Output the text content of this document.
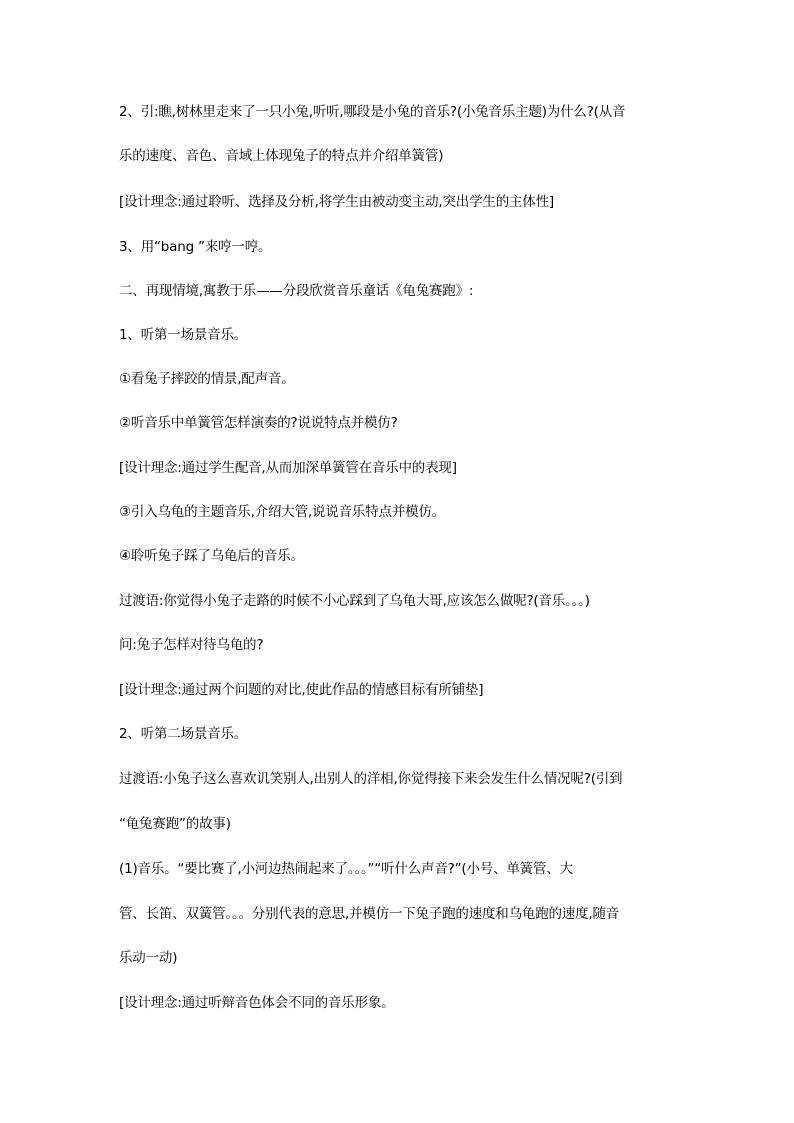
2、引:瞧,树林里走来了一只小兔,听听,哪段是小兔的音乐?(小兔音乐主题)为什么?(从音
乐的速度、音色、音域上体现兔子的特点并介绍单簧管)
[设计理念:通过聆听、选择及分析,将学生由被动变主动,突出学生的主体性]
3、用“bang ”来哼一哼。
二、再现情境,寓教于乐——分段欣赏音乐童话《龟兔赛跑》:
1、听第一场景音乐。
①看兔子摔跤的情景,配声音。
②听音乐中单簧管怎样演奏的?说说特点并模仿?
[设计理念:通过学生配音,从而加深单簧管在音乐中的表现]
③引入乌龟的主题音乐,介绍大管,说说音乐特点并模仿。
④聆听兔子踩了乌龟后的音乐。
过渡语:你觉得小兔子走路的时候不小心踩到了乌龟大哥,应该怎么做呢?(音乐。。。)
问:兔子怎样对待乌龟的?
[设计理念:通过两个问题的对比,使此作品的情感目标有所铺垫]
2、听第二场景音乐。
过渡语:小兔子这么喜欢讥笑别人,出别人的洋相,你觉得接下来会发生什么情况呢?(引到
“龟兔赛跑”的故事)
(1)音乐。“要比赛了,小河边热闹起来了。。。”“听什么声音?”(小号、单簧管、大
管、长笛、双簧管。。。分别代表的意思,并模仿一下兔子跑的速度和乌龟跑的速度,随音
乐动一动)
[设计理念:通过听辩音色体会不同的音乐形象。
